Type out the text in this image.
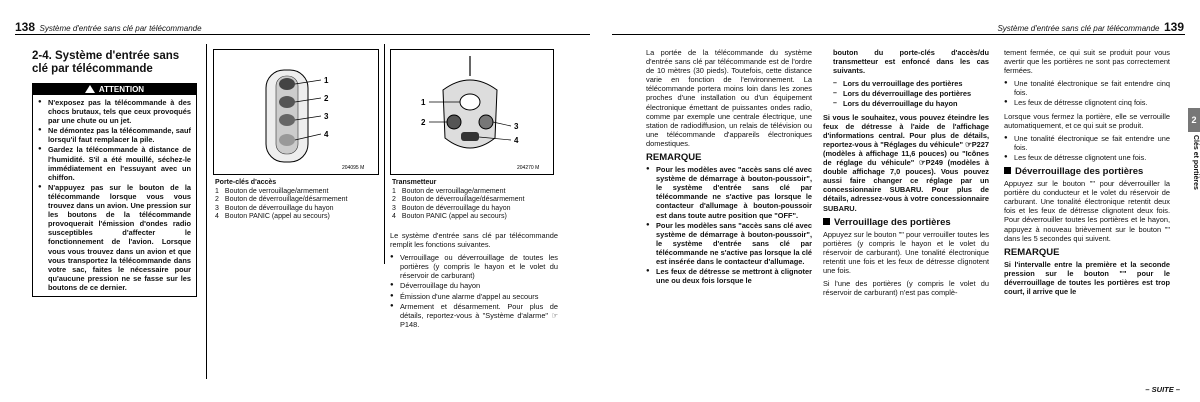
138 Système d'entrée sans clé par télécommande
2-4. Système d'entrée sans clé par télécommande
ATTENTION
● N'exposez pas la télécommande à des chocs brutaux, tels que ceux provoqués par une chute ou un jet.
● Ne démontez pas la télécommande, sauf lorsqu'il faut remplacer la pile.
● Gardez la télécommande à distance de l'humidité. S'il a été mouillé, séchez-le immédiatement en l'essuyant avec un chiffon.
● N'appuyez pas sur le bouton de la télécommande lorsque vous vous trouvez dans un avion. Une pression sur les boutons de la télécommande provoquerait l'émission d'ondes radio susceptibles d'affecter le fonctionnement de l'avion. Lorsque vous vous trouvez dans un avion et que vous transportez la télécommande dans votre sac, faites le nécessaire pour qu'aucune pression ne se fasse sur les boutons de ce dernier.
1
2
3
4
204095 M
Porte-clés d'accès
1	Bouton de verrouillage/armement
2	Bouton de déverrouillage/désarmement
3	Bouton de déverrouillage du hayon
4	Bouton PANIC (appel au secours)
1
2	3
4
204270 M
Transmetteur
1	Bouton de verrouillage/armement
2	Bouton de déverrouillage/désarmement
3	Bouton de déverrouillage du hayon
4	Bouton PANIC (appel au secours)

Le système d'entrée sans clé par télécommande remplit les fonctions suivantes.

● Verrouillage ou déverrouillage de toutes les portières (y compris le hayon et le volet du réservoir de carburant)
● Déverrouillage du hayon
● Émission d'une alarme d'appel au secours
● Armement et désarmement. Pour plus de détails, reportez-vous à "Système d'alarme" ☞P148.
Système d'entrée sans clé par télécommande 139
2
Clés et portières

La portée de la télécommande du système d'entrée sans clé par télécommande est de l'ordre de 10 mètres (30 pieds). Toutefois, cette distance varie en fonction de l'environnement. La télécommande portera moins loin dans les zones proches d'une installation ou d'un équipement électronique émettant de puissantes ondes radio, comme par exemple une centrale électrique, une station de radiodiffusion, un relais de télévision ou une télécommande d'appareils électroniques domestiques.

REMARQUE
● Pour les modèles avec "accès sans clé avec système de démarrage à bouton-poussoir", le système d'entrée sans clé par télécommande ne s'active pas lorsque le contacteur d'allumage à bouton-poussoir est dans toute autre position que "OFF".
● Pour les modèles sans "accès sans clé avec système de démarrage à bouton-poussoir", le système d'entrée sans clé par télécommande ne s'active pas lorsque la clé est insérée dans le contacteur d'allumage.
● Les feux de détresse se mettront à clignoter une ou deux fois lorsque le

bouton du porte-clés d'accès/du transmetteur est enfoncé dans les cas suivants.

– Lors du verrouillage des portières
– Lors du déverrouillage des portières
– Lors du déverrouillage du hayon

Si vous le souhaitez, vous pouvez éteindre les feux de détresse à l'aide de l'affichage d'informations central. Pour plus de détails, reportez-vous à "Réglages du véhicule" ☞P227 (modèles à affichage 11,6 pouces) ou "Icônes de réglage du véhicule" ☞P249 (modèles à double affichage 7,0 pouces). Vous pouvez aussi faire changer ce réglage par un concessionnaire SUBARU. Pour plus de détails, adressez-vous à votre concessionnaire SUBARU.

Verrouillage des portières

Appuyez sur le bouton "" pour verrouiller toutes les portières (y compris le hayon et le volet du réservoir de carburant). Une tonalité électronique retentit une fois et les feux de détresse clignotent une fois.

Si l'une des portières (y compris le volet du réservoir de carburant) n'est pas complè-

tement fermée, ce qui suit se produit pour vous avertir que les portières ne sont pas correctement fermées.

● Une tonalité électronique se fait entendre cinq fois.
● Les feux de détresse clignotent cinq fois.

Lorsque vous fermez la portière, elle se verrouille automatiquement, et ce qui suit se produit.

● Une tonalité électronique se fait entendre une fois.
● Les feux de détresse clignotent une fois.
Déverrouillage des portières

Appuyez sur le bouton "" pour déverrouiller la portière du conducteur et le volet du réservoir de carburant. Une tonalité électronique retentit deux fois et les feux de détresse clignotent deux fois. Pour déverrouiller toutes les portières et le hayon, appuyez à nouveau brièvement sur le bouton "" dans les 5 secondes qui suivent.

REMARQUE

Si l'intervalle entre la première et la seconde pression sur le bouton "" pour le déverrouillage de toutes les portières est trop court, il arrive que le

– SUITE –
